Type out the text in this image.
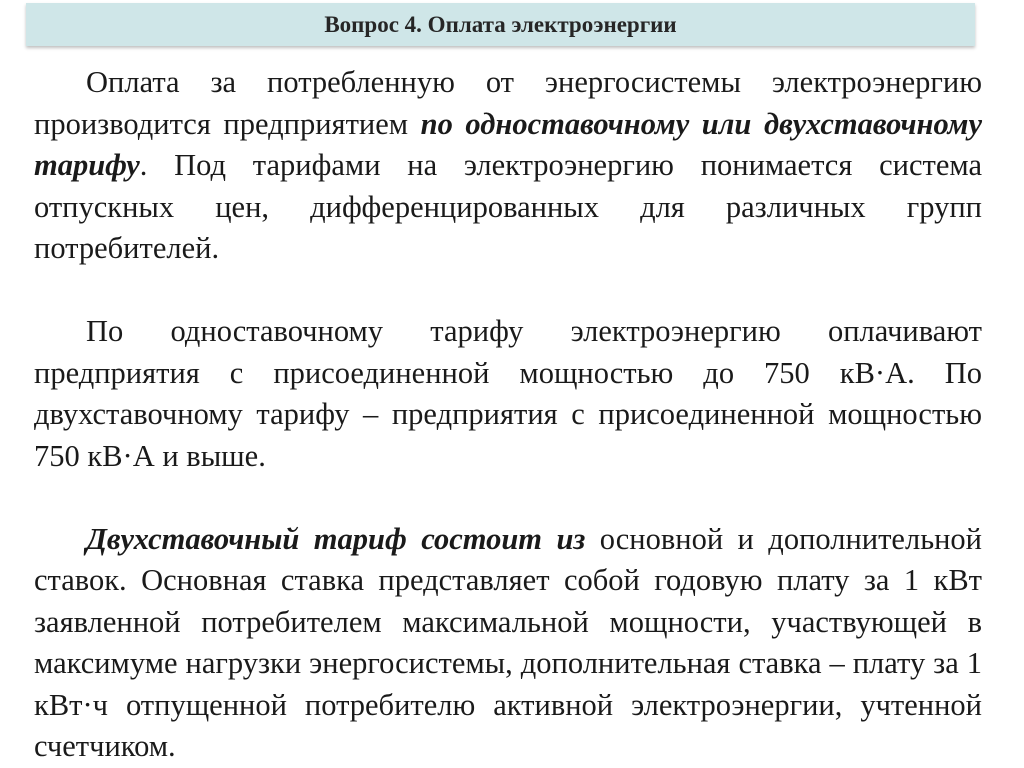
Вопрос 4. Оплата электроэнергии

Оплата за потребленную от энергосистемы электроэнергию производится предприятием по одноставочному или двухставочному тарифу. Под тарифами на электроэнергию понимается система отпускных цен, дифференцированных для различных групп потребителей.

По одноставочному тарифу электроэнергию оплачивают предприятия с присоединенной мощностью до 750 кВ·А. По двухставочному тарифу – предприятия с присоединенной мощностью 750 кВ·А и выше.

Двухставочный тариф состоит из основной и дополнительной ставок. Основная ставка представляет собой годовую плату за 1 кВт заявленной потребителем максимальной мощности, участвующей в максимуме нагрузки энергосистемы, дополнительная ставка – плату за 1 кВт·ч отпущенной потребителю активной электроэнергии, учтенной счетчиком.
